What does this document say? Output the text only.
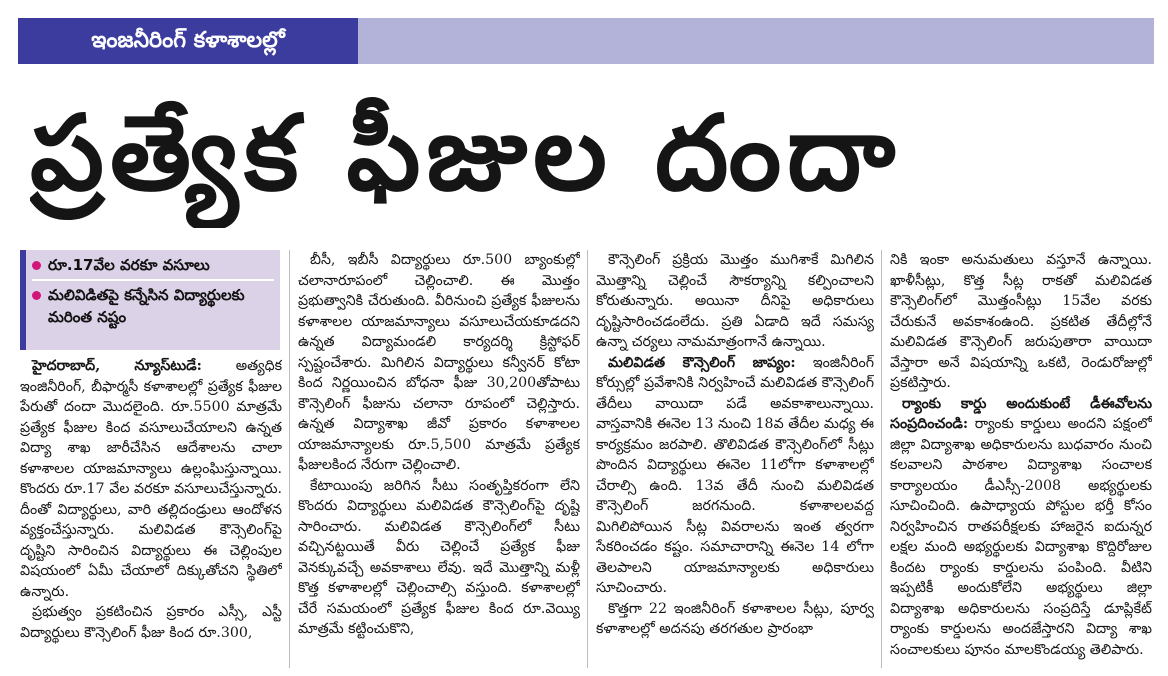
ఇంజనీరింగ్ కళాశాలల్లో
ప్రత్యేక ఫీజుల దందా
రూ.17వేల వరకూ వసూలు
మలివిడితపై కన్నేసిన విద్యార్థులకు మరింత నష్టం

హైదరాబాద్, న్యూస్‌టుడే: అత్యధిక ఇంజినీరింగ్, బీఫార్మసీ కళాశాలల్లో ప్రత్యేక ఫీజుల పేరుతో దందా మొదలైంది. రూ.5500 మాత్రమే ప్రత్యేక ఫీజుల కింద వసూలుచేయాలని ఉన్నత విద్యా శాఖ జారీచేసిన ఆదేశాలను చాలా కళాశాలల యాజమాన్యాలు ఉల్లంఘిస్తున్నాయి. కొందరు రూ.17 వేల వరకూ వసూలుచేస్తున్నారు. దీంతో విద్యార్థులు, వారి తల్లిదండ్రులు ఆందోళన వ్యక్తంచేస్తున్నారు. మలివిడత కౌన్సెలింగ్‌పై దృష్టిని సారించిన విద్యార్థులు ఈ చెల్లింపుల విషయంలో ఏమీ చేయాలో దిక్కుతోచని స్థితిలో ఉన్నారు.

ప్రభుత్వం ప్రకటించిన ప్రకారం ఎస్సీ, ఎస్టీ విద్యార్థులు కౌన్సెలింగ్ ఫీజు కింద రూ.300,

బీసీ, ఇబీసీ విద్యార్థులు రూ.500 బ్యాంకుల్లో చలానారూపంలో చెల్లించాలి. ఈ మొత్తం ప్రభుత్వానికి చేరుతుంది. వీరినుంచి ప్రత్యేక ఫీజులను కళాశాలల యాజమాన్యాలు వసూలుచేయకూడదని ఉన్నత విద్యామండలి కార్యదర్శి క్రిస్టోఫర్ స్పష్టంచేశారు. మిగిలిన విద్యార్థులు కన్వీనర్ కోటా కింద నిర్ణయించిన బోధనా ఫీజు 30,200తోపాటు కౌన్సెలింగ్ ఫీజును చలానా రూపంలో చెల్లిస్తారు. ఉన్నత విద్యాశాఖ జీవో ప్రకారం కళాశాలల యాజమాన్యాలకు రూ.5,500 మాత్రమే ప్రత్యేక ఫీజులకింద నేరుగా చెల్లించాలి.

కేటాయింపు జరిగిన సీటు సంతృప్తికరంగా లేని కొందరు విద్యార్థులు మలివిడత కౌన్సెలింగ్‌పై దృష్టి సారించారు. మలివిడత కౌన్సెలింగ్‌లో సీటు వచ్చినట్టయితే వీరు చెల్లించే ప్రత్యేక ఫీజు వెనక్కువచ్చే అవకాశాలు లేవు. ఇదే మొత్తాన్ని మళ్లీ కొత్త కళాశాలల్లో చెల్లించాల్సి వస్తుంది. కళాశాలల్లో చేరే సమయంలో ప్రత్యేక ఫీజుల కింద రూ.వెయ్యి మాత్రమే కట్టించుకొని,

కౌన్సెలింగ్ ప్రక్రియ మొత్తం ముగిశాకే మిగిలిన మొత్తాన్ని చెల్లించే సౌకర్యాన్ని కల్పించాలని కోరుతున్నారు. అయినా దీనిపై అధికారులు దృష్టిసారించడంలేదు. ప్రతి ఏడాది ఇదే సమస్య ఉన్నా చర్యలు నామమాత్రంగానే ఉన్నాయి.

మలివిడత కౌన్సెలింగ్ జాప్యం: ఇంజినీరింగ్ కోర్సుల్లో ప్రవేశానికి నిర్వహించే మలివిడత కౌన్సెలింగ్ తేదీలు వాయిదా పడే అవకాశాలున్నాయి. వాస్తవానికి ఈనెల 13 నుంచి 18వ తేదీల మధ్య ఈ కార్యక్రమం జరపాలి. తొలివిడత కౌన్సెలింగ్‌లో సీట్లు పొందిన విద్యార్థులు ఈనెల 11లోగా కళాశాలల్లో చేరాల్సి ఉంది. 13వ తేదీ నుంచి మలివిడత కౌన్సెలింగ్ జరగనుంది. కళాశాలలవద్ద మిగిలిపోయిన సీట్ల వివరాలను ఇంత త్వరగా సేకరించడం కష్టం. సమాచారాన్ని ఈనెల 14 లోగా తెలపాలని యాజమాన్యాలకు అధికారులు సూచించారు.

కొత్తగా 22 ఇంజినీరింగ్ కళాశాలల సీట్లు, పూర్వ కళాశాలల్లో అదనపు తరగతుల ప్రారంభా

నికి ఇంకా అనుమతులు వస్తూనే ఉన్నాయి. ఖాళీసీట్లు, కొత్త సీట్ల రాకతో మలివిడత కౌన్సెలింగ్‌లో మొత్తంసీట్లు 15వేల వరకు చేరుకునే అవకాశంఉంది. ప్రకటిత తేదీల్లోనే మలివిడత కౌన్సెలింగ్ జరుపుతారా వాయిదా వేస్తారా అనే విషయాన్ని ఒకటి, రెండురోజుల్లో ప్రకటిస్తారు.

ర్యాంకు కార్డు అందుకుంటే డీఈవోలను సంప్రదించండి: ర్యాంకు కార్డులు అందని పక్షంలో జిల్లా విద్యాశాఖ అధికారులను బుధవారం నుంచి కలవాలని పాఠశాల విద్యాశాఖ సంచాలక కార్యాలయం డీఎస్సీ-2008 అభ్యర్థులకు సూచించింది. ఉపాధ్యాయ పోస్టుల భర్తీ కోసం నిర్వహించిన రాతపరీక్షలకు హాజరైన ఐదున్నర లక్షల మంది అభ్యర్థులకు విద్యాశాఖ కొద్దిరోజుల కిందట ర్యాంకు కార్డులను పంపింది. వీటిని ఇప్పటికీ అందుకోలేని అభ్యర్థులు జిల్లా విద్యాశాఖ అధికారులను సంప్రదిస్తే డూప్లికేట్ ర్యాంకు కార్డులను అందజేస్తారని విద్యా శాఖ సంచాలకులు పూనం మాలకొండయ్య తెలిపారు.
